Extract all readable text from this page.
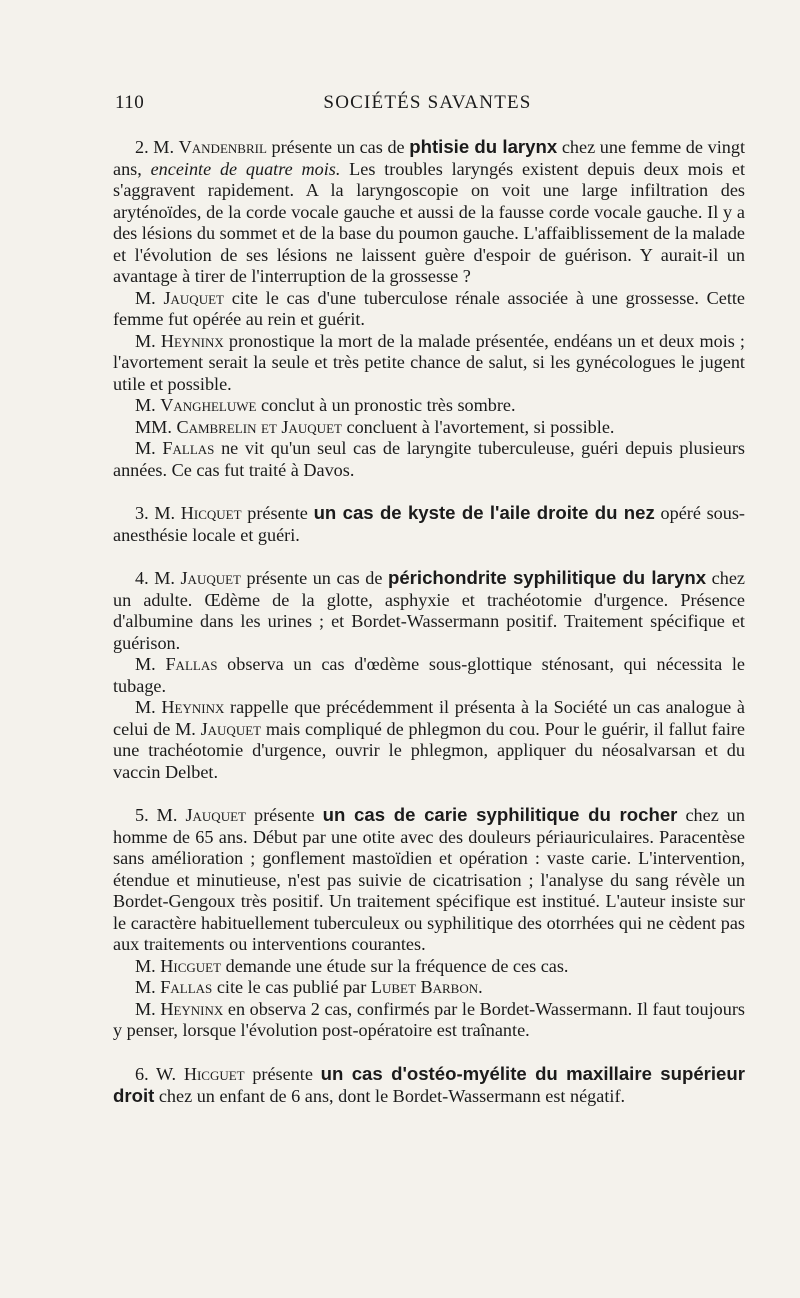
110	SOCIÉTÉS SAVANTES

2. M. Vandenbril présente un cas de phtisie du larynx chez une femme de vingt ans, enceinte de quatre mois. Les troubles laryngés existent depuis deux mois et s'aggravent rapidement. A la laryngoscopie on voit une large infiltration des aryténoïdes, de la corde vocale gauche et aussi de la fausse corde vocale gauche. Il y a des lésions du sommet et de la base du poumon gauche. L'affaiblissement de la malade et l'évolution de ses lésions ne laissent guère d'espoir de guérison. Y aurait-il un avantage à tirer de l'interruption de la grossesse ?

M. Jauquet cite le cas d'une tuberculose rénale associée à une grossesse. Cette femme fut opérée au rein et guérit.

M. Heyninx pronostique la mort de la malade présentée, endéans un et deux mois ; l'avortement serait la seule et très petite chance de salut, si les gynécologues le jugent utile et possible.

M. Vangheluwe conclut à un pronostic très sombre.

MM. Cambrelin et Jauquet concluent à l'avortement, si possible.

M. Fallas ne vit qu'un seul cas de laryngite tuberculeuse, guéri depuis plusieurs années. Ce cas fut traité à Davos.

3. M. Hicquet présente un cas de kyste de l'aile droite du nez opéré sous-anesthésie locale et guéri.

4. M. Jauquet présente un cas de périchondrite syphilitique du larynx chez un adulte. Œdème de la glotte, asphyxie et trachéotomie d'urgence. Présence d'albumine dans les urines ; et Bordet-Wassermann positif. Traitement spécifique et guérison.

M. Fallas observa un cas d'œdème sous-glottique sténosant, qui nécessita le tubage.

M. Heyninx rappelle que précédemment il présenta à la Société un cas analogue à celui de M. Jauquet mais compliqué de phlegmon du cou. Pour le guérir, il fallut faire une trachéotomie d'urgence, ouvrir le phlegmon, appliquer du néosalvarsan et du vaccin Delbet.

5. M. Jauquet présente un cas de carie syphilitique du rocher chez un homme de 65 ans. Début par une otite avec des douleurs périauriculaires. Paracentèse sans amélioration ; gonflement mastoïdien et opération : vaste carie. L'intervention, étendue et minutieuse, n'est pas suivie de cicatrisation ; l'analyse du sang révèle un Bordet-Gengoux très positif. Un traitement spécifique est institué. L'auteur insiste sur le caractère habituellement tuberculeux ou syphilitique des otorrhées qui ne cèdent pas aux traitements ou interventions courantes.

M. Hicguet demande une étude sur la fréquence de ces cas.

M. Fallas cite le cas publié par Lubet Barbon.

M. Heyninx en observa 2 cas, confirmés par le Bordet-Wassermann. Il faut toujours y penser, lorsque l'évolution post-opératoire est traînante.

6. W. Hicguet présente un cas d'ostéo-myélite du maxillaire supérieur droit chez un enfant de 6 ans, dont le Bordet-Wassermann est négatif.
